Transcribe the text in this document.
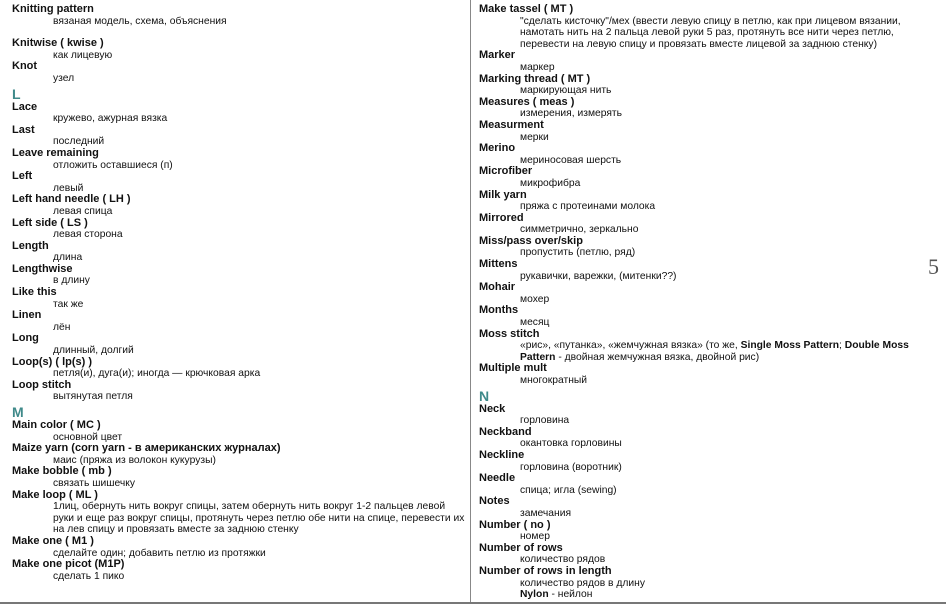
Knitting pattern
вязаная модель, схема, объяснения
Knitwise ( kwise )
как лицевую
Knot
узел
L
Lace
кружево, ажурная вязка
Last
последний
Leave remaining
отложить оставшиеся (п)
Left
левый
Left hand needle ( LH )
левая спица
Left side ( LS )
левая сторона
Length
длина
Lengthwise
в длину
Like this
так же
Linen
лён
Long
длинный, долгий
Loop(s) ( lp(s) )
петля(и), дуга(и); иногда — крючковая арка
Loop stitch
вытянутая петля
M
Main color ( MC )
основной цвет
Maize yarn (corn yarn - в американских журналах)
маис (пряжа из волокон кукурузы)
Make bobble ( mb )
связать шишечку
Make loop ( ML )
1лиц, обернуть нить вокруг спицы, затем обернуть нить вокруг 1-2 пальцев левой руки и еще раз вокруг спицы, протянуть через петлю обе нити на спице, перевести их на лев спицу и провязать вместе за заднюю стенку
Make one ( M1 )
сделайте один; добавить петлю из протяжки
Make one picot (M1P)
сделать 1 пико
Make tassel ( MT )
"сделать кисточку"/мех (ввести левую спицу в петлю, как при лицевом вязании, намотать нить на 2 пальца левой руки 5 раз, протянуть все нити через петлю, перевести на левую спицу и провязать вместе лицевой за заднюю стенку)
Marker
маркер
Marking thread ( MT )
маркирующая нить
Measures ( meas )
измерения, измерять
Measurment
мерки
Merino
мериносовая шерсть
Microfiber
микрофибра
Milk yarn
пряжа с протеинами молока
Mirrored
симметрично, зеркально
Miss/pass over/skip
пропустить (петлю, ряд)
Mittens
рукавички, варежки, (митенки??)
Mohair
мохер
Months
месяц
Moss stitch
«рис», «путанка», «жемчужная вязка» (то же, Single Moss Pattern; Double Moss Pattern - двойная жемчужная вязка, двойной рис)
Multiple mult
многократный
N
Neck
горловина
Neckband
окантовка горловины
Neckline
горловина (воротник)
Needle
спица; игла (sewing)
Notes
замечания
Number ( no )
номер
Number of rows
количество рядов
Number of rows in length
количество рядов в длину
Nylon - нейлон
5
